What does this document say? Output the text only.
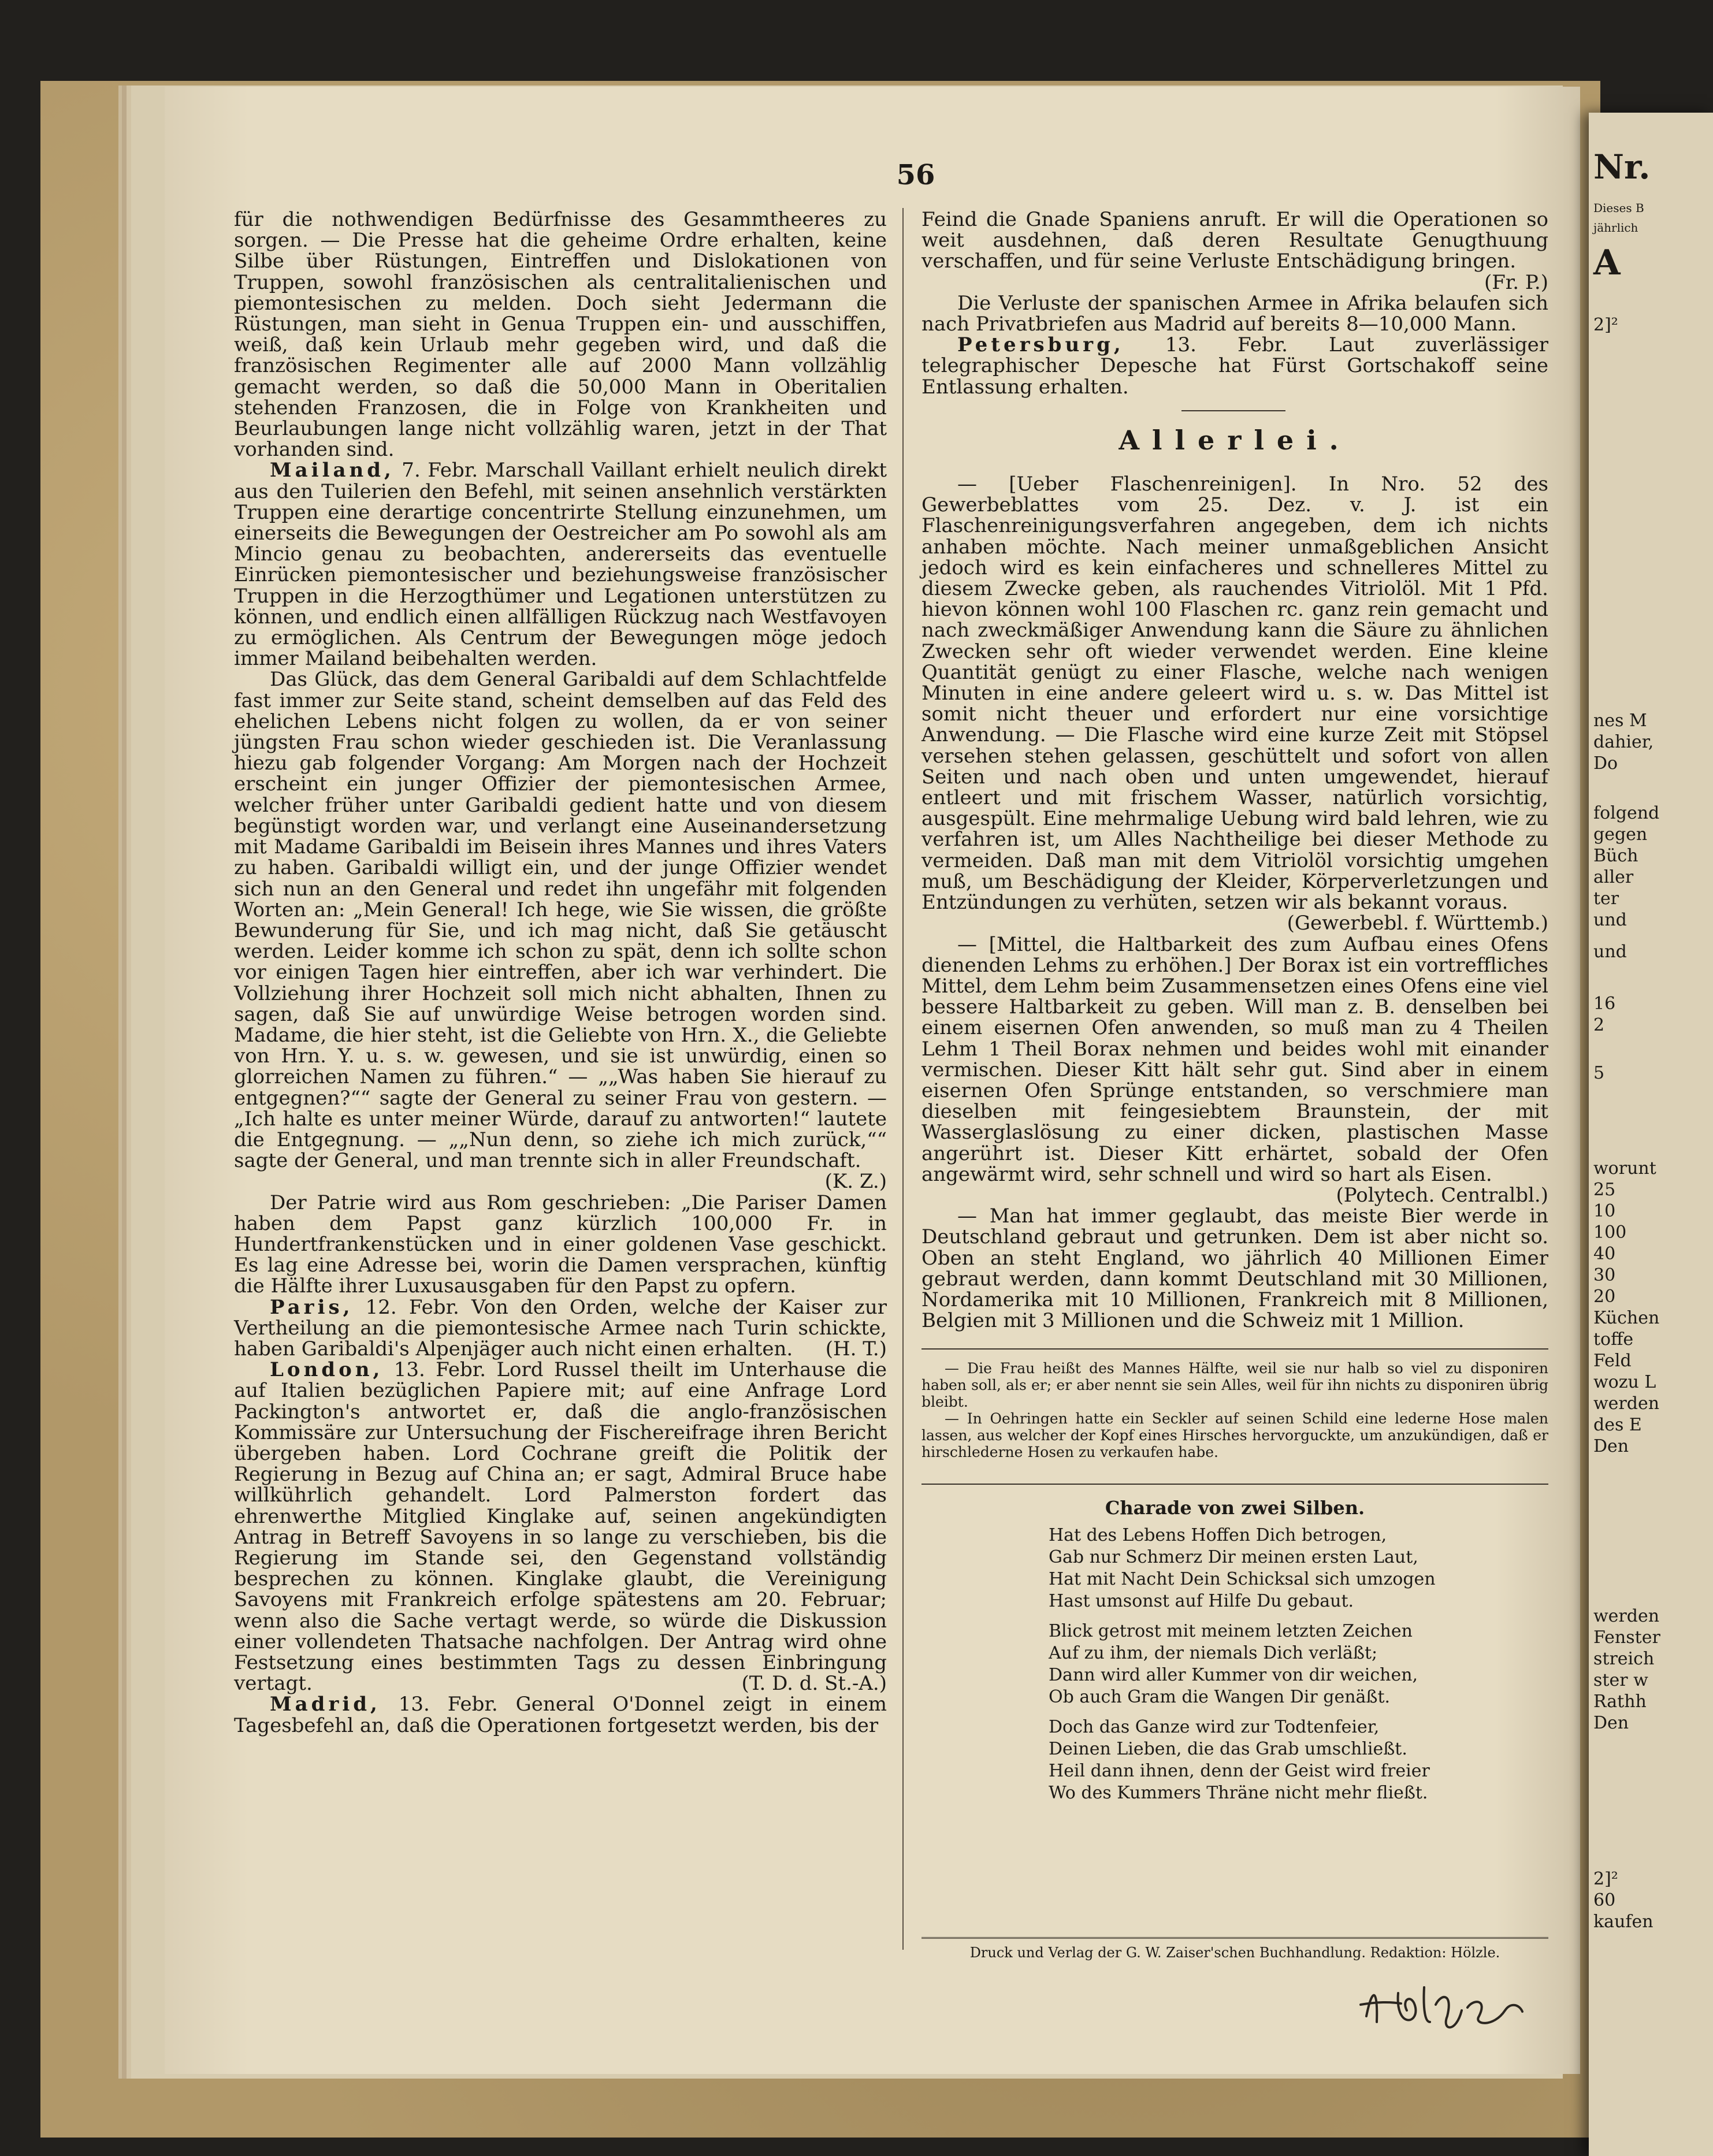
56

für die nothwendigen Bedürfnisse des Gesammtheeres zu sorgen. — Die Presse hat die geheime Ordre erhalten, keine Silbe über Rüstungen, Eintreffen und Dislokationen von Truppen, sowohl französischen als centralitalienischen und piemontesischen zu melden. Doch sieht Jedermann die Rüstungen, man sieht in Genua Truppen ein- und ausschiffen, weiß, daß kein Urlaub mehr gegeben wird, und daß die französischen Regimenter alle auf 2000 Mann vollzählig gemacht werden, so daß die 50,000 Mann in Oberitalien stehenden Franzosen, die in Folge von Krankheiten und Beurlaubungen lange nicht vollzählig waren, jetzt in der That vorhanden sind.

Mailand, 7. Febr. Marschall Vaillant erhielt neulich direkt aus den Tuilerien den Befehl, mit seinen ansehnlich verstärkten Truppen eine derartige concentrirte Stellung einzunehmen, um einerseits die Bewegungen der Oestreicher am Po sowohl als am Mincio genau zu beobachten, andererseits das eventuelle Einrücken piemontesischer und beziehungsweise französischer Truppen in die Herzogthümer und Legationen unterstützen zu können, und endlich einen allfälligen Rückzug nach Westfavoyen zu ermöglichen. Als Centrum der Bewegungen möge jedoch immer Mailand beibehalten werden.

Das Glück, das dem General Garibaldi auf dem Schlachtfelde fast immer zur Seite stand, scheint demselben auf das Feld des ehelichen Lebens nicht folgen zu wollen, da er von seiner jüngsten Frau schon wieder geschieden ist. Die Veranlassung hiezu gab folgender Vorgang: Am Morgen nach der Hochzeit erscheint ein junger Offizier der piemontesischen Armee, welcher früher unter Garibaldi gedient hatte und von diesem begünstigt worden war, und verlangt eine Auseinandersetzung mit Madame Garibaldi im Beisein ihres Mannes und ihres Vaters zu haben. Garibaldi willigt ein, und der junge Offizier wendet sich nun an den General und redet ihn ungefähr mit folgenden Worten an: „Mein General! Ich hege, wie Sie wissen, die größte Bewunderung für Sie, und ich mag nicht, daß Sie getäuscht werden. Leider komme ich schon zu spät, denn ich sollte schon vor einigen Tagen hier eintreffen, aber ich war verhindert. Die Vollziehung ihrer Hochzeit soll mich nicht abhalten, Ihnen zu sagen, daß Sie auf unwürdige Weise betrogen worden sind. Madame, die hier steht, ist die Geliebte von Hrn. X., die Geliebte von Hrn. Y. u. s. w. gewesen, und sie ist unwürdig, einen so glorreichen Namen zu führen.“ — „„Was haben Sie hierauf zu entgegnen?““ sagte der General zu seiner Frau von gestern. — „Ich halte es unter meiner Würde, darauf zu antworten!“ lautete die Entgegnung. — „„Nun denn, so ziehe ich mich zurück,““ sagte der General, und man trennte sich in aller Freundschaft.
(K. Z.)

Der Patrie wird aus Rom geschrieben: „Die Pariser Damen haben dem Papst ganz kürzlich 100,000 Fr. in Hundertfrankenstücken und in einer goldenen Vase geschickt. Es lag eine Adresse bei, worin die Damen versprachen, künftig die Hälfte ihrer Luxusausgaben für den Papst zu opfern.

Paris, 12. Febr. Von den Orden, welche der Kaiser zur Vertheilung an die piemontesische Armee nach Turin schickte, haben Garibaldi's Alpenjäger auch nicht einen erhalten. (H. T.)

London, 13. Febr. Lord Russel theilt im Unterhause die auf Italien bezüglichen Papiere mit; auf eine Anfrage Lord Packington's antwortet er, daß die anglo-französischen Kommissäre zur Untersuchung der Fischereifrage ihren Bericht übergeben haben. Lord Cochrane greift die Politik der Regierung in Bezug auf China an; er sagt, Admiral Bruce habe willkührlich gehandelt. Lord Palmerston fordert das ehrenwerthe Mitglied Kinglake auf, seinen angekündigten Antrag in Betreff Savoyens in so lange zu verschieben, bis die Regierung im Stande sei, den Gegenstand vollständig besprechen zu können. Kinglake glaubt, die Vereinigung Savoyens mit Frankreich erfolge spätestens am 20. Februar; wenn also die Sache vertagt werde, so würde die Diskussion einer vollendeten Thatsache nachfolgen. Der Antrag wird ohne Festsetzung eines bestimmten Tags zu dessen Einbringung vertagt.	(T. D. d. St.-A.)

Madrid, 13. Febr. General O'Donnel zeigt in einem Tagesbefehl an, daß die Operationen fortgesetzt werden, bis der

Feind die Gnade Spaniens anruft. Er will die Operationen so weit ausdehnen, daß deren Resultate Genugthuung verschaffen, und für seine Verluste Entschädigung bringen.
(Fr. P.)

Die Verluste der spanischen Armee in Afrika belaufen sich nach Privatbriefen aus Madrid auf bereits 8—10,000 Mann.

Petersburg, 13. Febr. Laut zuverlässiger telegraphischer Depesche hat Fürst Gortschakoff seine Entlassung erhalten.

Allerlei.

— [Ueber Flaschenreinigen]. In Nro. 52 des Gewerbeblattes vom 25. Dez. v. J. ist ein Flaschenreinigungsverfahren angegeben, dem ich nichts anhaben möchte. Nach meiner unmaßgeblichen Ansicht jedoch wird es kein einfacheres und schnelleres Mittel zu diesem Zwecke geben, als rauchendes Vitriolöl. Mit 1 Pfd. hievon können wohl 100 Flaschen rc. ganz rein gemacht und nach zweckmäßiger Anwendung kann die Säure zu ähnlichen Zwecken sehr oft wieder verwendet werden. Eine kleine Quantität genügt zu einer Flasche, welche nach wenigen Minuten in eine andere geleert wird u. s. w. Das Mittel ist somit nicht theuer und erfordert nur eine vorsichtige Anwendung. — Die Flasche wird eine kurze Zeit mit Stöpsel versehen stehen gelassen, geschüttelt und sofort von allen Seiten und nach oben und unten umgewendet, hierauf entleert und mit frischem Wasser, natürlich vorsichtig, ausgespült. Eine mehrmalige Uebung wird bald lehren, wie zu verfahren ist, um Alles Nachtheilige bei dieser Methode zu vermeiden. Daß man mit dem Vitriolöl vorsichtig umgehen muß, um Beschädigung der Kleider, Körperverletzungen und Entzündungen zu verhüten, setzen wir als bekannt voraus.
(Gewerbebl. f. Württemb.)

— [Mittel, die Haltbarkeit des zum Aufbau eines Ofens dienenden Lehms zu erhöhen.] Der Borax ist ein vortreffliches Mittel, dem Lehm beim Zusammensetzen eines Ofens eine viel bessere Haltbarkeit zu geben. Will man z. B. denselben bei einem eisernen Ofen anwenden, so muß man zu 4 Theilen Lehm 1 Theil Borax nehmen und beides wohl mit einander vermischen. Dieser Kitt hält sehr gut. Sind aber in einem eisernen Ofen Sprünge entstanden, so verschmiere man dieselben mit feingesiebtem Braunstein, der mit Wasserglaslösung zu einer dicken, plastischen Masse angerührt ist. Dieser Kitt erhärtet, sobald der Ofen angewärmt wird, sehr schnell und wird so hart als Eisen.
(Polytech. Centralbl.)

— Man hat immer geglaubt, das meiste Bier werde in Deutschland gebraut und getrunken. Dem ist aber nicht so. Oben an steht England, wo jährlich 40 Millionen Eimer gebraut werden, dann kommt Deutschland mit 30 Millionen, Nordamerika mit 10 Millionen, Frankreich mit 8 Millionen, Belgien mit 3 Millionen und die Schweiz mit 1 Million.

— Die Frau heißt des Mannes Hälfte, weil sie nur halb so viel zu disponiren haben soll, als er; er aber nennt sie sein Alles, weil für ihn nichts zu disponiren übrig bleibt.

— In Oehringen hatte ein Seckler auf seinen Schild eine lederne Hose malen lassen, aus welcher der Kopf eines Hirsches hervorguckte, um anzukündigen, daß er hirschlederne Hosen zu verkaufen habe.

Charade von zwei Silben.
Hat des Lebens Hoffen Dich betrogen,
Gab nur Schmerz Dir meinen ersten Laut,
Hat mit Nacht Dein Schicksal sich umzogen
Hast umsonst auf Hilfe Du gebaut.
Blick getrost mit meinem letzten Zeichen
Auf zu ihm, der niemals Dich verläßt;
Dann wird aller Kummer von dir weichen,
Ob auch Gram die Wangen Dir genäßt.
Doch das Ganze wird zur Todtenfeier,
Deinen Lieben, die das Grab umschließt.
Heil dann ihnen, denn der Geist wird freier
Wo des Kummers Thräne nicht mehr fließt.
Druck und Verlag der G. W. Zaiser'schen Buchhandlung. Redaktion: Hölzle.
Nr.
Dieses B
jährlich
A
2]²
nes M
dahier,
Do
folgend
gegen
Büch
aller
ter
und
und
16
2
5
worunt
25
10
100
40
30
20
Küchen
toffe
Feld
wozu L
werden
des E
Den
werden
Fenster
streich
ster w
Rathh
Den
2]²
60
kaufen
